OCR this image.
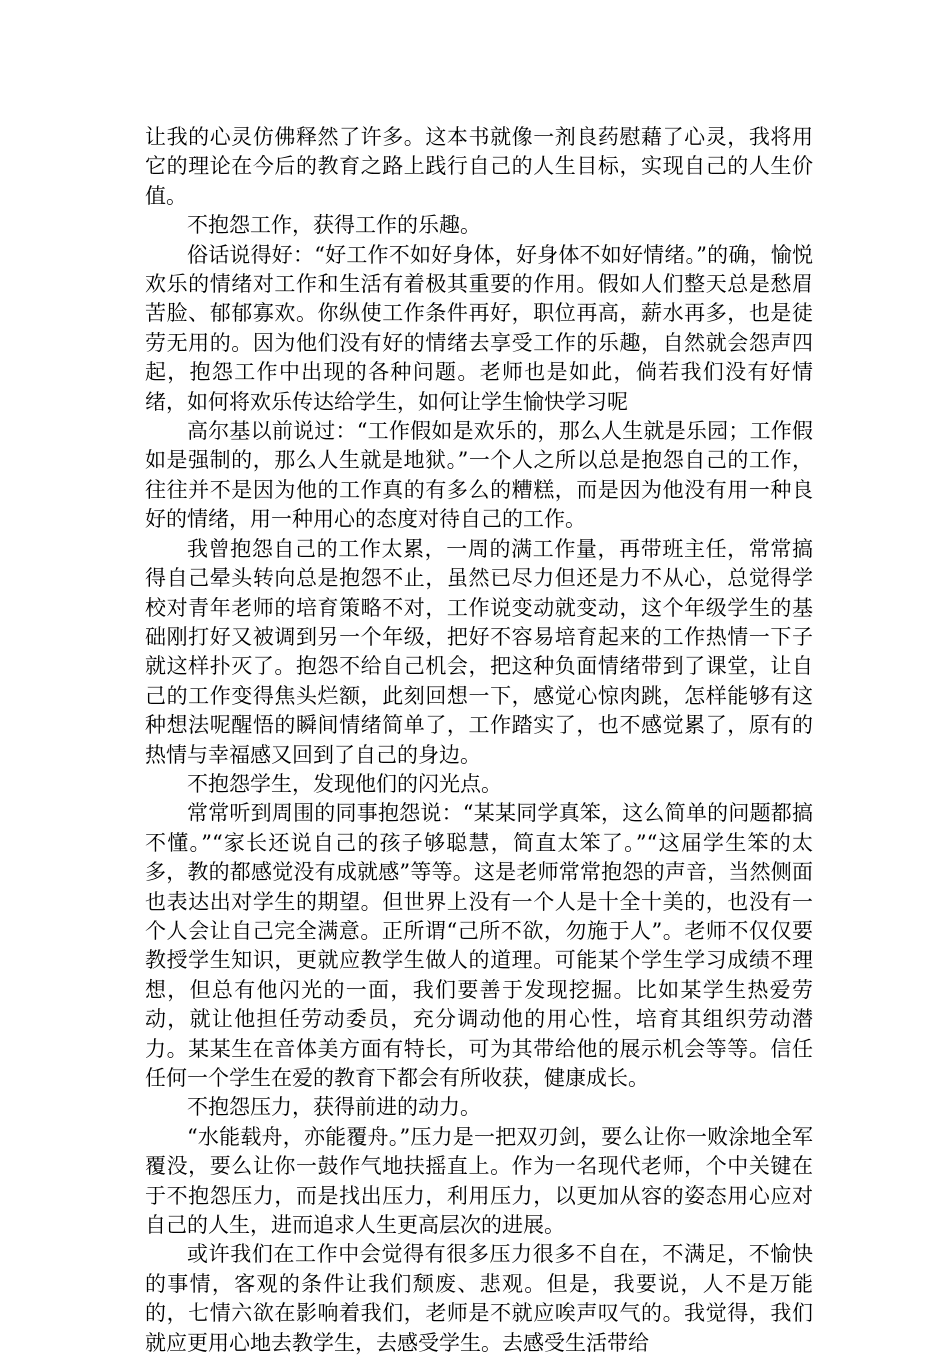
让我的心灵仿佛释然了许多。这本书就像一剂良药慰藉了心灵，我将用它的理论在今后的教育之路上践行自己的人生目标，实现自己的人生价值。

不抱怨工作，获得工作的乐趣。

俗话说得好：“好工作不如好身体，好身体不如好情绪。”的确，愉悦欢乐的情绪对工作和生活有着极其重要的作用。假如人们整天总是愁眉苦脸、郁郁寡欢。你纵使工作条件再好，职位再高，薪水再多，也是徒劳无用的。因为他们没有好的情绪去享受工作的乐趣，自然就会怨声四起，抱怨工作中出现的各种问题。老师也是如此，倘若我们没有好情绪，如何将欢乐传达给学生，如何让学生愉快学习呢

高尔基以前说过：“工作假如是欢乐的，那么人生就是乐园；工作假如是强制的，那么人生就是地狱。”一个人之所以总是抱怨自己的工作，往往并不是因为他的工作真的有多么的糟糕，而是因为他没有用一种良好的情绪，用一种用心的态度对待自己的工作。

我曾抱怨自己的工作太累，一周的满工作量，再带班主任，常常搞得自己晕头转向总是抱怨不止，虽然已尽力但还是力不从心，总觉得学校对青年老师的培育策略不对，工作说变动就变动，这个年级学生的基础刚打好又被调到另一个年级，把好不容易培育起来的工作热情一下子就这样扑灭了。抱怨不给自己机会，把这种负面情绪带到了课堂，让自己的工作变得焦头烂额，此刻回想一下，感觉心惊肉跳，怎样能够有这种想法呢醒悟的瞬间情绪简单了，工作踏实了，也不感觉累了，原有的热情与幸福感又回到了自己的身边。

不抱怨学生，发现他们的闪光点。

常常听到周围的同事抱怨说：“某某同学真笨，这么简单的问题都搞不懂。”“家长还说自己的孩子够聪慧，简直太笨了。”“这届学生笨的太多，教的都感觉没有成就感”等等。这是老师常常抱怨的声音，当然侧面也表达出对学生的期望。但世界上没有一个人是十全十美的，也没有一个人会让自己完全满意。正所谓“己所不欲，勿施于人”。老师不仅仅要教授学生知识，更就应教学生做人的道理。可能某个学生学习成绩不理想，但总有他闪光的一面，我们要善于发现挖掘。比如某学生热爱劳动，就让他担任劳动委员，充分调动他的用心性，培育其组织劳动潜力。某某生在音体美方面有特长，可为其带给他的展示机会等等。信任任何一个学生在爱的教育下都会有所收获，健康成长。

不抱怨压力，获得前进的动力。

“水能载舟，亦能覆舟。”压力是一把双刃剑，要么让你一败涂地全军覆没，要么让你一鼓作气地扶摇直上。作为一名现代老师，个中关键在于不抱怨压力，而是找出压力，利用压力，以更加从容的姿态用心应对自己的人生，进而追求人生更高层次的进展。

或许我们在工作中会觉得有很多压力很多不自在，不满足，不愉快的事情，客观的条件让我们颓废、悲观。但是，我要说，人不是万能的，七情六欲在影响着我们，老师是不就应唉声叹气的。我觉得，我们就应更用心地去教学生，去感受学生。去感受生活带给
